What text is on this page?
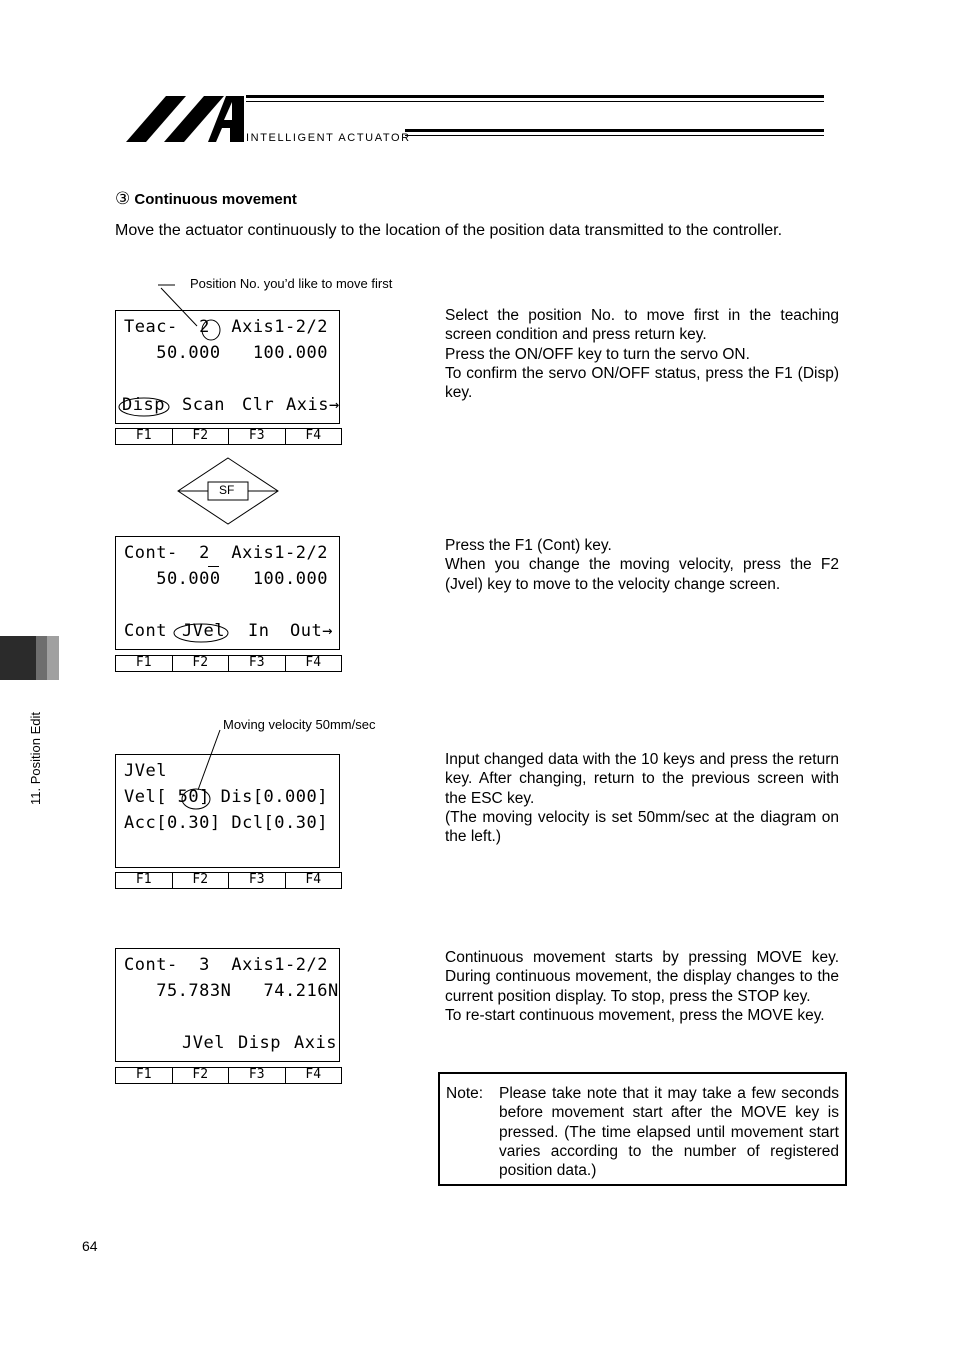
INTELLIGENT ACTUATOR
③ Continuous movement
Move the actuator continuously to the location of the position data transmitted to the controller.
Position No. you’d like to move first
Teac-  2  Axis1-2/2
50.000   100.000
Disp Scan Clr Axis→
F1	F2	F3	F4
Select the position No. to move first in the teaching screen condition and press return key.
Press the ON/OFF key to turn the servo ON.
To confirm the servo ON/OFF status, press the F1 (Disp) key.
SF
Cont-  2  Axis1-2/2
50.000   100.000
Cont JVel In Out→
F1	F2	F3	F4
Press the F1 (Cont) key.
When you change the moving velocity, press the F2 (Jvel) key to move to the velocity change screen.
Moving velocity 50mm/sec
JVel
Vel[ 50] Dis[0.000]
Acc[0.30] Dcl[0.30]
F1	F2	F3	F4
Input changed data with the 10 keys and press the return key. After changing, return to the previous screen with the ESC key.
(The moving velocity is set 50mm/sec at the diagram on the left.)
Cont-  3  Axis1-2/2
75.783N   74.216N
JVel Disp Axis
F1	F2	F3	F4
Continuous movement starts by pressing MOVE key. During continuous movement, the display changes to the current position display. To stop, press the STOP key.
To re-start continuous movement, press the MOVE key.
Note: Please take note that it may take a few seconds before movement start after the MOVE key is pressed. (The time elapsed until movement start varies according to the number of registered position data.)
11. Position Edit
64
